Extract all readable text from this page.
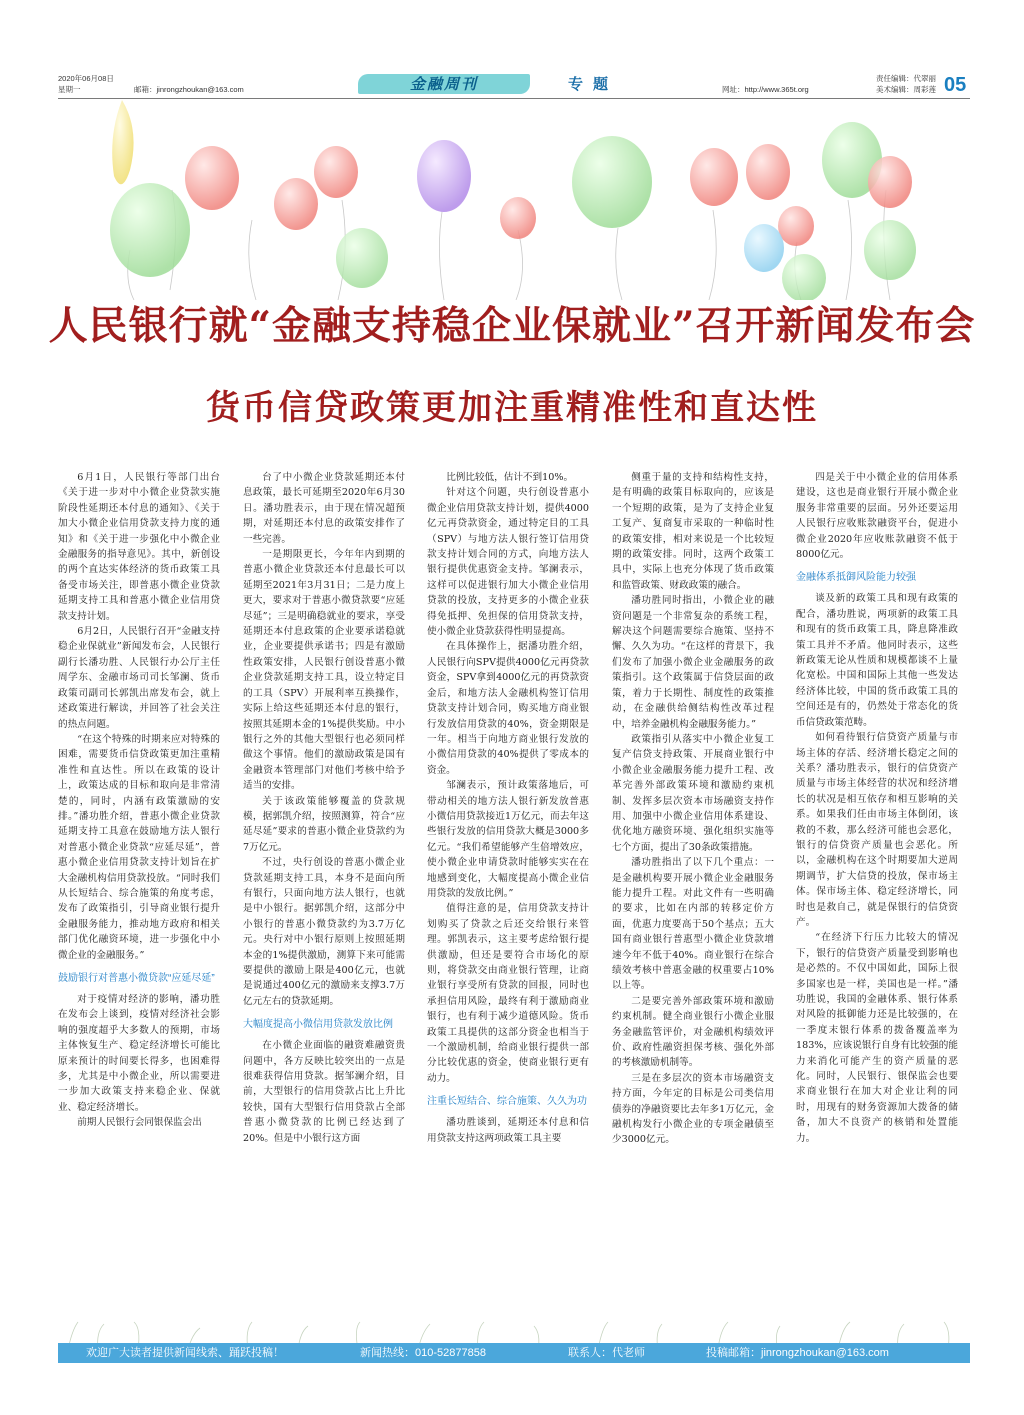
2020年06月08日
星期一	邮箱：jinrongzhoukan@163.com	金融周刊	专题	网址：http://www.365t.org
责任编辑：代翠丽
美术编辑：周彩莲 05
人民银行就“金融支持稳企业保就业”召开新闻发布会
货币信贷政策更加注重精准性和直达性

6月1日，人民银行等部门出台《关于进一步对中小微企业贷款实施阶段性延期还本付息的通知》、《关于加大小微企业信用贷款支持力度的通知》和《关于进一步强化中小微企业金融服务的指导意见》。其中，新创设的两个直达实体经济的货币政策工具备受市场关注，即普惠小微企业贷款延期支持工具和普惠小微企业信用贷款支持计划。

6月2日，人民银行召开“金融支持稳企业保就业”新闻发布会，人民银行副行长潘功胜、人民银行办公厅主任周学东、金融市场司司长邹澜、货币政策司副司长郭凯出席发布会，就上述政策进行解读，并回答了社会关注的热点问题。

“在这个特殊的时期来应对特殊的困难，需要货币信贷政策更加注重精准性和直达性。所以在政策的设计上，政策达成的目标和取向是非常清楚的，同时，内涵有政策激励的安排。”潘功胜介绍，普惠小微企业贷款延期支持工具意在鼓励地方法人银行对普惠小微企业贷款“应延尽延”，普惠小微企业信用贷款支持计划旨在扩大金融机构信用贷款投放。“同时我们从长短结合、综合施策的角度考虑，发布了政策指引，引导商业银行提升金融服务能力，推动地方政府和相关部门优化融资环境，进一步强化中小微企业的金融服务。”

鼓励银行对普惠小微贷款“应延尽延”

对于疫情对经济的影响，潘功胜在发布会上谈到，疫情对经济社会影响的强度超乎大多数人的预期，市场主体恢复生产、稳定经济增长可能比原来预计的时间要长得多，也困难得多，尤其是中小微企业，所以需要进一步加大政策支持来稳企业、保就业、稳定经济增长。

前期人民银行会同银保监会出

台了中小微企业贷款延期还本付息政策，最长可延期至2020年6月30日。潘功胜表示，由于现在情况超预期，对延期还本付息的政策安排作了一些完善。

一是期限更长，今年年内到期的普惠小微企业贷款还本付息最长可以延期至2021年3月31日；二是力度上更大，要求对于普惠小微贷款要“应延尽延”；三是明确稳就业的要求，享受延期还本付息政策的企业要承诺稳就业，企业要提供承诺书；四是有激励性政策安排，人民银行创设普惠小微企业贷款延期支持工具，设立特定目的工具（SPV）开展利率互换操作，实际上给这些延期还本付息的银行，按照其延期本金的1%提供奖励。中小银行之外的其他大型银行也必须同样做这个事情。他们的激励政策是国有金融资本管理部门对他们考核中给予适当的安排。

关于该政策能够覆盖的贷款规模，据郭凯介绍，按照测算，符合“应延尽延”要求的普惠小微企业贷款约为7万亿元。

不过，央行创设的普惠小微企业贷款延期支持工具，本身不是面向所有银行，只面向地方法人银行，也就是中小银行。据郭凯介绍，这部分中小银行的普惠小微贷款约为3.7万亿元。央行对中小银行原则上按照延期本金的1%提供激励，测算下来可能需要提供的激励上限是400亿元，也就是说通过400亿元的激励来支撑3.7万亿元左右的贷款延期。

大幅度提高小微信用贷款发放比例

在小微企业面临的融资难融资贵问题中，各方反映比较突出的一点是很难获得信用贷款。据邹澜介绍，目前，大型银行的信用贷款占比上升比较快，国有大型银行信用贷款占全部普惠小微贷款的比例已经达到了20%。但是中小银行这方面

比例比较低，估计不到10%。

针对这个问题，央行创设普惠小微企业信用贷款支持计划，提供4000亿元再贷款资金，通过特定目的工具（SPV）与地方法人银行签订信用贷款支持计划合同的方式，向地方法人银行提供优惠资金支持。邹澜表示，这样可以促进银行加大小微企业信用贷款的投放，支持更多的小微企业获得免抵押、免担保的信用贷款支持，使小微企业贷款获得性明显提高。

在具体操作上，据潘功胜介绍，人民银行向SPV提供4000亿元再贷款资金，SPV拿到4000亿元的再贷款资金后，和地方法人金融机构签订信用贷款支持计划合同，购买地方商业银行发放信用贷款的40%，资金期限是一年。相当于向地方商业银行发放的小微信用贷款的40%提供了零成本的资金。

邹澜表示，预计政策落地后，可带动相关的地方法人银行新发放普惠小微信用贷款接近1万亿元，而去年这些银行发放的信用贷款大概是3000多亿元。“我们希望能够产生倍增效应，使小微企业申请贷款时能够实实在在地感到变化，大幅度提高小微企业信用贷款的发放比例。”

值得注意的是，信用贷款支持计划购买了贷款之后还交给银行来管理。郭凯表示，这主要考虑给银行提供激励，但还是要符合市场化的原则，将贷款交由商业银行管理，让商业银行享受所有贷款的回报，同时也承担信用风险，最终有利于激励商业银行，也有利于减少道德风险。货币政策工具提供的这部分资金也相当于一个激励机制，给商业银行提供一部分比较优惠的资金，使商业银行更有动力。

注重长短结合、综合施策、久久为功

潘功胜谈到，延期还本付息和信用贷款支持这两项政策工具主要

侧重于量的支持和结构性支持，是有明确的政策目标取向的，应该是一个短期的政策，是为了支持企业复工复产、复商复市采取的一种临时性的政策安排，相对来说是一个比较短期的政策安排。同时，这两个政策工具中，实际上也充分体现了货币政策和监管政策、财政政策的融合。

潘功胜同时指出，小微企业的融资问题是一个非常复杂的系统工程，解决这个问题需要综合施策、坚持不懈、久久为功。“在这样的背景下，我们发布了加强小微企业金融服务的政策指引。这个政策属于信贷层面的政策，着力于长期性、制度性的政策推动，在金融供给侧结构性改革过程中，培养金融机构金融服务能力。”

政策指引从落实中小微企业复工复产信贷支持政策、开展商业银行中小微企业金融服务能力提升工程、改革完善外部政策环境和激励约束机制、发挥多层次资本市场融资支持作用、加强中小微企业信用体系建设、优化地方融资环境、强化组织实施等七个方面，提出了30条政策措施。

潘功胜指出了以下几个重点：一是金融机构要开展小微企业金融服务能力提升工程。对此文件有一些明确的要求，比如在内部的转移定价方面，优惠力度要高于50个基点；五大国有商业银行普惠型小微企业贷款增速今年不低于40%。商业银行在综合绩效考核中普惠金融的权重要占10%以上等。

二是要完善外部政策环境和激励约束机制。健全商业银行小微企业服务金融监管评价，对金融机构绩效评价、政府性融资担保考核、强化外部的考核激励机制等。

三是在多层次的资本市场融资支持方面，今年定的目标是公司类信用债券的净融资要比去年多1万亿元，金融机构发行小微企业的专项金融债至少3000亿元。

四是关于中小微企业的信用体系建设，这也是商业银行开展小微企业服务非常重要的层面。另外还要运用人民银行应收账款融资平台，促进小微企业2020年应收账款融资不低于8000亿元。

金融体系抵御风险能力较强

谈及新的政策工具和现有政策的配合，潘功胜说，两项新的政策工具和现有的货币政策工具，降息降准政策工具并不矛盾。他同时表示，这些新政策无论从性质和规模都谈不上量化宽松。中国和国际上其他一些发达经济体比较，中国的货币政策工具的空间还是有的，仍然处于常态化的货币信贷政策范畴。

如何看待银行信贷资产质量与市场主体的存活、经济增长稳定之间的关系？潘功胜表示，银行的信贷资产质量与市场主体经营的状况和经济增长的状况是相互依存和相互影响的关系。如果我们任由市场主体倒闭，该救的不救，那么经济可能也会恶化，银行的信贷资产质量也会恶化。所以，金融机构在这个时期要加大逆周期调节，扩大信贷的投放，保市场主体。保市场主体、稳定经济增长，同时也是救自己，就是保银行的信贷资产。

“在经济下行压力比较大的情况下，银行的信贷资产质量受到影响也是必然的。不仅中国如此，国际上很多国家也是一样，美国也是一样。”潘功胜说，我国的金融体系、银行体系对风险的抵御能力还是比较强的，在一季度末银行体系的拨备覆盖率为183%，应该说银行自身有比较强的能力来消化可能产生的资产质量的恶化。同时，人民银行、银保监会也要求商业银行在加大对企业让利的同时，用现有的财务资源加大拨备的储备，加大不良资产的核销和处置能力。

欢迎广大读者提供新闻线索、踊跃投稿！	新闻热线：010-52877858	联系人：代老师	投稿邮箱：jinrongzhoukan@163.com
